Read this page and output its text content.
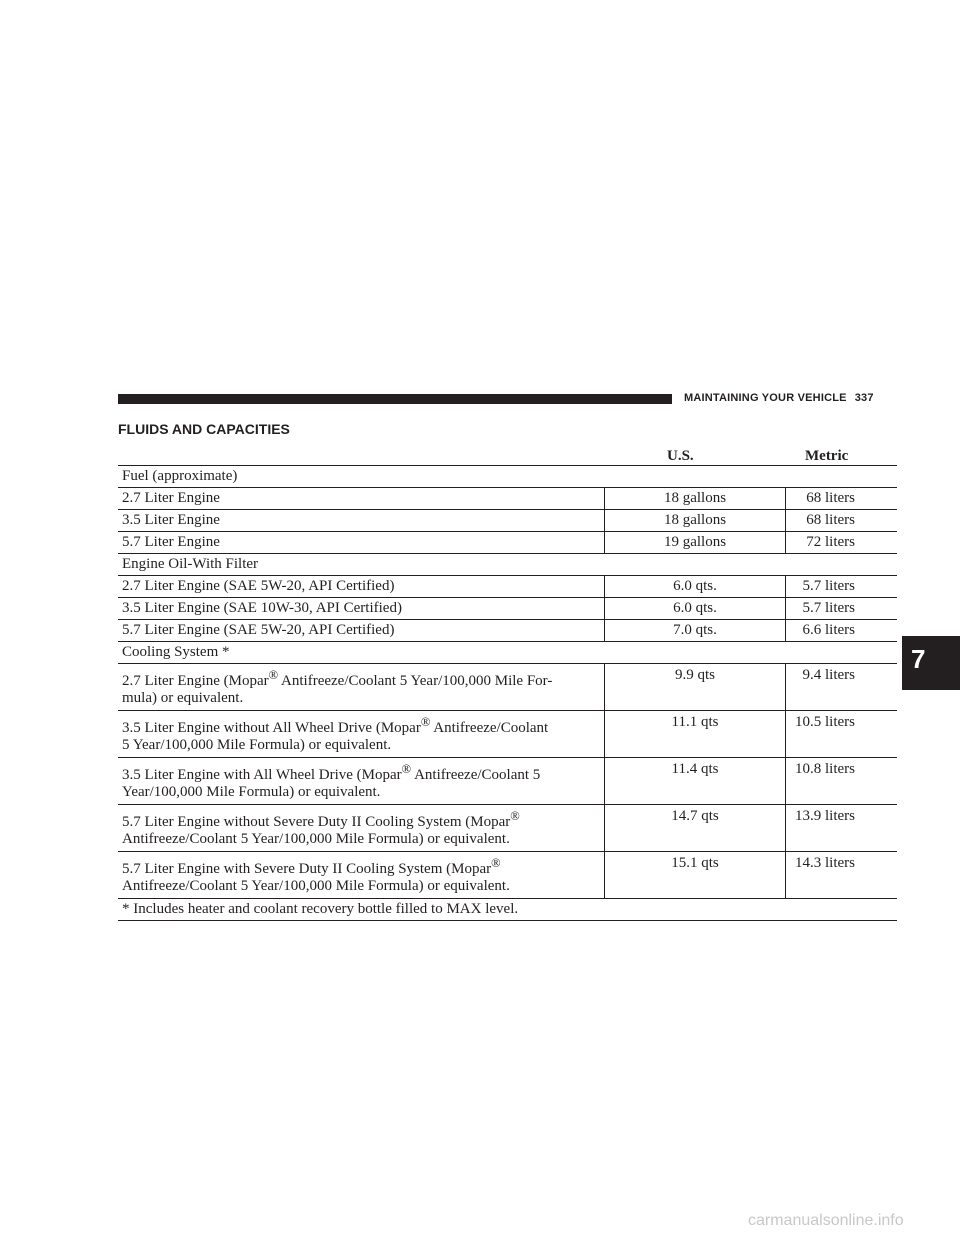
MAINTAINING YOUR VEHICLE 337
FLUIDS AND CAPACITIES
U.S.	Metric
Fuel (approximate)		
2.7 Liter Engine	18 gallons	68 liters
3.5 Liter Engine	18 gallons	68 liters
5.7 Liter Engine	19 gallons	72 liters
Engine Oil-With Filter		
2.7 Liter Engine (SAE 5W-20, API Certified)	6.0 qts.	5.7 liters
3.5 Liter Engine (SAE 10W-30, API Certified)	6.0 qts.	5.7 liters
5.7 Liter Engine (SAE 5W-20, API Certified)	7.0 qts.	6.6 liters
Cooling System *		
2.7 Liter Engine (Mopar® Antifreeze/Coolant 5 Year/100,000 Mile For-
mula) or equivalent.	9.9 qts	9.4 liters
3.5 Liter Engine without All Wheel Drive (Mopar® Antifreeze/Coolant
5 Year/100,000 Mile Formula) or equivalent.	11.1 qts	10.5 liters
3.5 Liter Engine with All Wheel Drive (Mopar® Antifreeze/Coolant 5
Year/100,000 Mile Formula) or equivalent.	11.4 qts	10.8 liters
5.7 Liter Engine without Severe Duty II Cooling System (Mopar®
Antifreeze/Coolant 5 Year/100,000 Mile Formula) or equivalent.	14.7 qts	13.9 liters
5.7 Liter Engine with Severe Duty II Cooling System (Mopar®
Antifreeze/Coolant 5 Year/100,000 Mile Formula) or equivalent.	15.1 qts	14.3 liters
* Includes heater and coolant recovery bottle filled to MAX level.		
7
carmanualsonline.info
